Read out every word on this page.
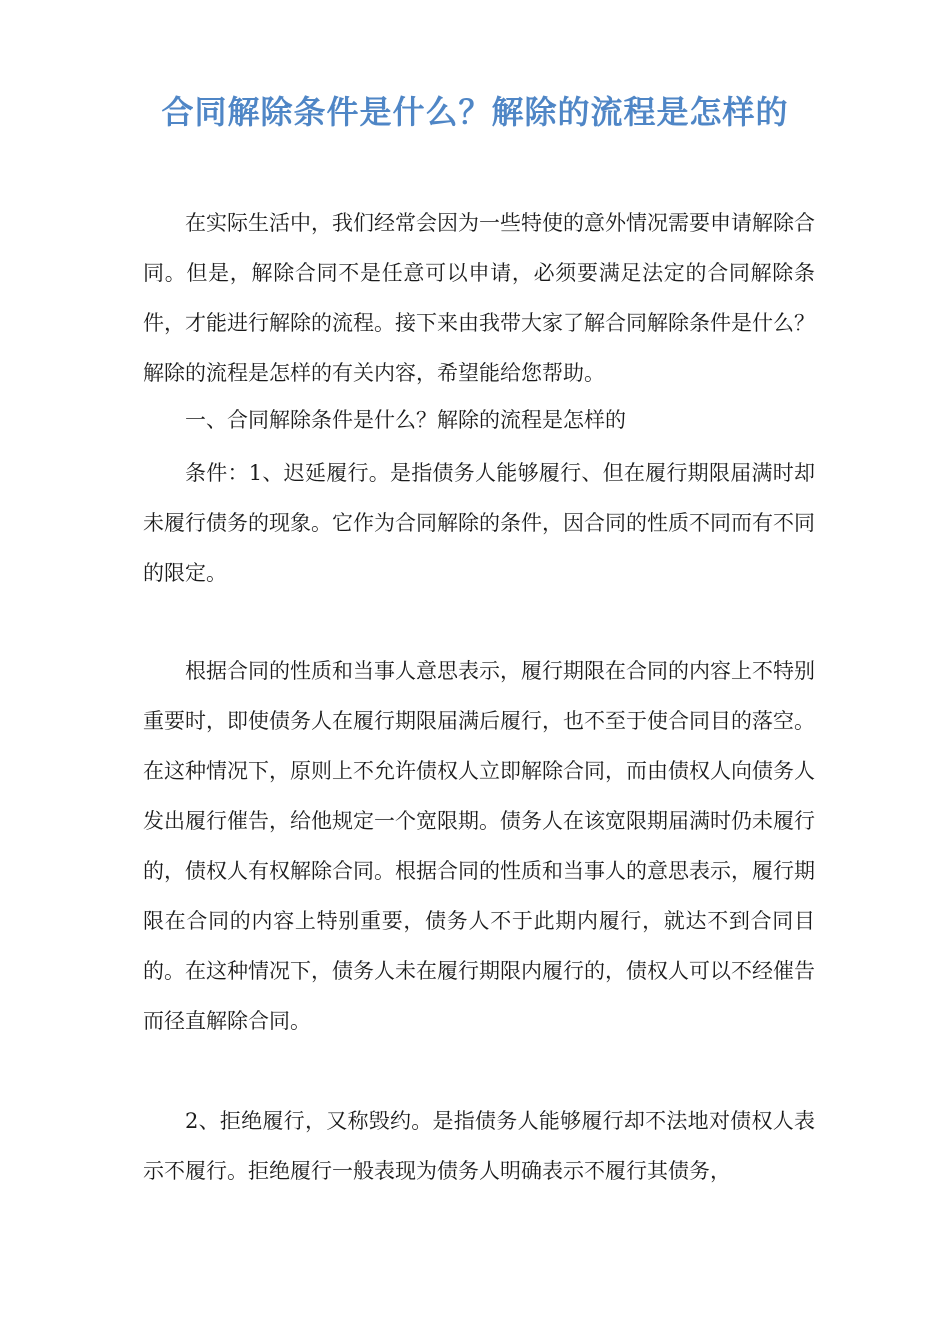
合同解除条件是什么？解除的流程是怎样的

在实际生活中，我们经常会因为一些特使的意外情况需要申请解除合同。但是，解除合同不是任意可以申请，必须要满足法定的合同解除条件，才能进行解除的流程。接下来由我带大家了解合同解除条件是什么？解除的流程是怎样的有关内容，希望能给您帮助。

一、合同解除条件是什么？解除的流程是怎样的

条件：1、迟延履行。是指债务人能够履行、但在履行期限届满时却未履行债务的现象。它作为合同解除的条件，因合同的性质不同而有不同的限定。

根据合同的性质和当事人意思表示，履行期限在合同的内容上不特别重要时，即使债务人在履行期限届满后履行，也不至于使合同目的落空。在这种情况下，原则上不允许债权人立即解除合同，而由债权人向债务人发出履行催告，给他规定一个宽限期。债务人在该宽限期届满时仍未履行的，债权人有权解除合同。根据合同的性质和当事人的意思表示，履行期限在合同的内容上特别重要，债务人不于此期内履行，就达不到合同目的。在这种情况下，债务人未在履行期限内履行的，债权人可以不经催告而径直解除合同。

2、拒绝履行，又称毁约。是指债务人能够履行却不法地对债权人表示不履行。拒绝履行一般表现为债务人明确表示不履行其债务，
